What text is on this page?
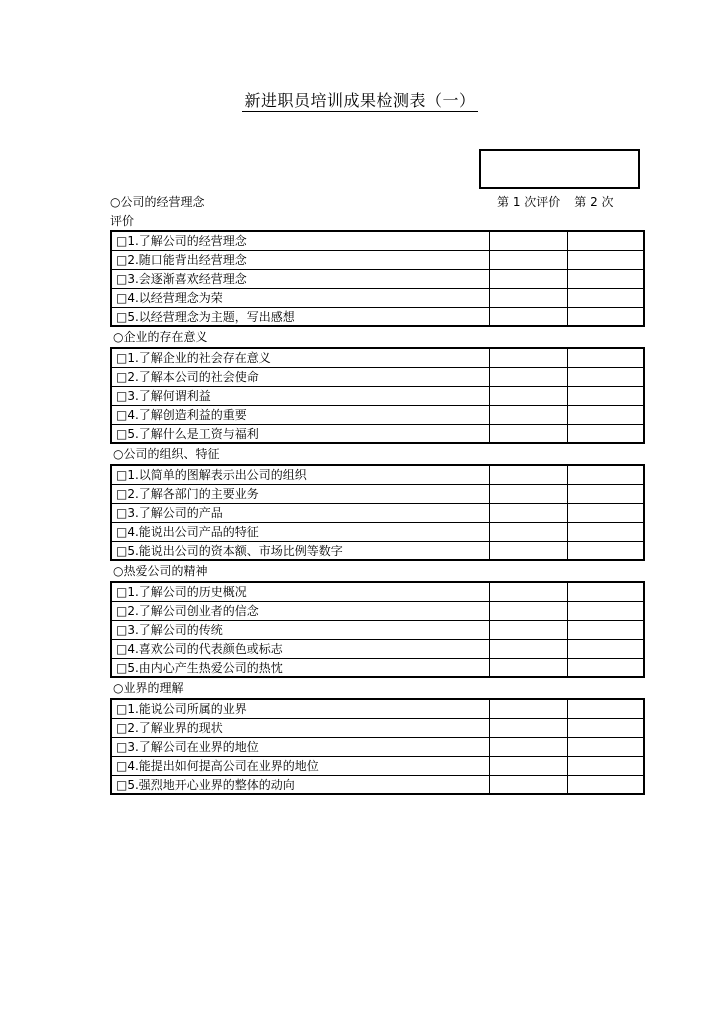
新进职员培训成果检测表（一）
○公司的经营理念	第 1 次评价 第 2 次
评价
□1.了解公司的经营理念		
□2.随口能背出经营理念		
□3.会逐渐喜欢经营理念		
□4.以经营理念为荣		
□5.以经营理念为主题，写出感想		
○企业的存在意义
□1.了解企业的社会存在意义		
□2.了解本公司的社会使命		
□3.了解何谓利益		
□4.了解创造利益的重要		
□5.了解什么是工资与福利		
○公司的组织、特征
□1.以简单的图解表示出公司的组织		
□2.了解各部门的主要业务		
□3.了解公司的产品		
□4.能说出公司产品的特征		
□5.能说出公司的资本额、市场比例等数字		
○热爱公司的精神
□1.了解公司的历史概况		
□2.了解公司创业者的信念		
□3.了解公司的传统		
□4.喜欢公司的代表颜色或标志		
□5.由内心产生热爱公司的热忱		
○业界的理解
□1.能说公司所属的业界		
□2.了解业界的现状		
□3.了解公司在业界的地位		
□4.能提出如何提高公司在业界的地位		
□5.强烈地开心业界的整体的动向		
